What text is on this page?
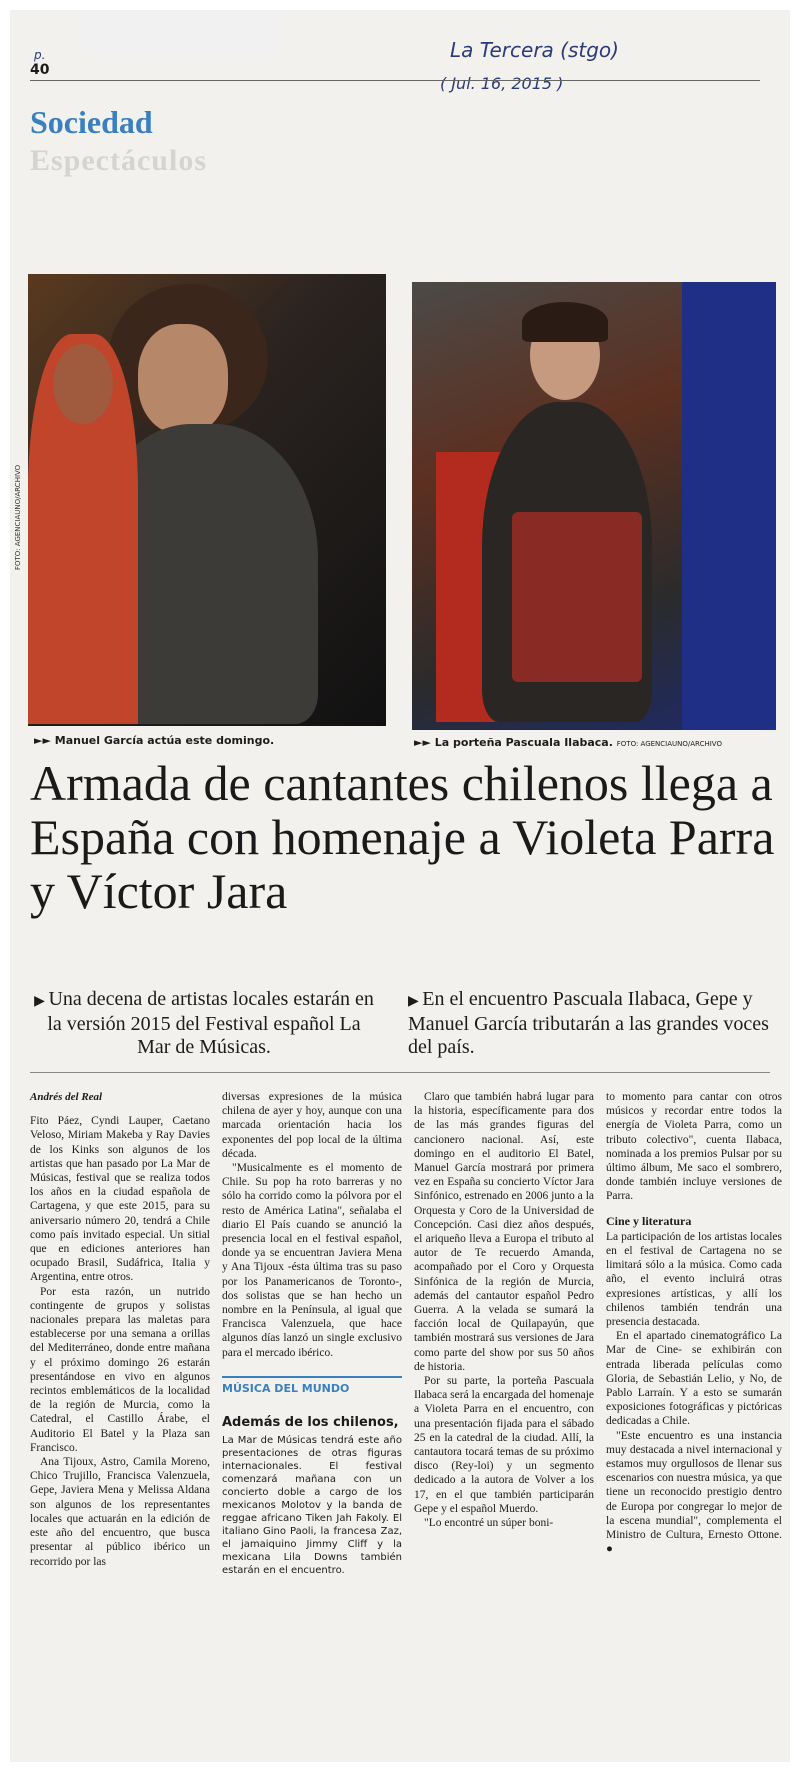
p.	La Tercera (stgo)
( Jul. 16, 2015 )
40
Sociedad
Espectáculos
FOTO: AGENCIAUNO/ARCHIVO
►► Manuel García actúa este domingo.	►► La porteña Pascuala Ilabaca. FOTO: AGENCIAUNO/ARCHIVO
Armada de cantantes chilenos llega a España con homenaje a Violeta Parra y Víctor Jara
▶ Una decena de artistas locales estarán en la versión 2015 del Festival español La Mar de Músicas.
▶ En el encuentro Pascuala Ilabaca, Gepe y Manuel García tributarán a las grandes voces del país.
Andrés del Real

Fito Páez, Cyndi Lauper, Caetano Veloso, Miriam Makeba y Ray Davies de los Kinks son algunos de los artistas que han pasado por La Mar de Músicas, festival que se realiza todos los años en la ciudad española de Cartagena, y que este 2015, para su aniversario número 20, tendrá a Chile como país invitado especial. Un sitial que en ediciones anteriores han ocupado Brasil, Sudáfrica, Italia y Argentina, entre otros.

Por esta razón, un nutrido contingente de grupos y solistas nacionales prepara las maletas para establecerse por una semana a orillas del Mediterráneo, donde entre mañana y el próximo domingo 26 estarán presentándose en vivo en algunos recintos emblemáticos de la localidad de la región de Murcia, como la Catedral, el Castillo Árabe, el Auditorio El Batel y la Plaza san Francisco.

Ana Tijoux, Astro, Camila Moreno, Chico Trujillo, Francisca Valenzuela, Gepe, Javiera Mena y Melissa Aldana son algunos de los representantes locales que actuarán en la edición de este año del encuentro, que busca presentar al público ibérico un recorrido por las

diversas expresiones de la música chilena de ayer y hoy, aunque con una marcada orientación hacia los exponentes del pop local de la última década.

"Musicalmente es el momento de Chile. Su pop ha roto barreras y no sólo ha corrido como la pólvora por el resto de América Latina", señalaba el diario El País cuando se anunció la presencia local en el festival español, donde ya se encuentran Javiera Mena y Ana Tijoux -ésta última tras su paso por los Panamericanos de Toronto-, dos solistas que se han hecho un nombre en la Península, al igual que Francisca Valenzuela, que hace algunos días lanzó un single exclusivo para el mercado ibérico.

MÚSICA DEL MUNDO
Además de los chilenos,
La Mar de Músicas tendrá este año presentaciones de otras figuras internacionales. El festival comenzará mañana con un concierto doble a cargo de los mexicanos Molotov y la banda de reggae africano Tiken Jah Fakoly. El italiano Gino Paoli, la francesa Zaz, el jamaiquino Jimmy Cliff y la mexicana Lila Downs también estarán en el encuentro.

Claro que también habrá lugar para la historia, específicamente para dos de las más grandes figuras del cancionero nacional. Así, este domingo en el auditorio El Batel, Manuel García mostrará por primera vez en España su concierto Víctor Jara Sinfónico, estrenado en 2006 junto a la Orquesta y Coro de la Universidad de Concepción. Casi diez años después, el ariqueño lleva a Europa el tributo al autor de Te recuerdo Amanda, acompañado por el Coro y Orquesta Sinfónica de la región de Murcia, además del cantautor español Pedro Guerra. A la velada se sumará la facción local de Quilapayún, que también mostrará sus versiones de Jara como parte del show por sus 50 años de historia.

Por su parte, la porteña Pascuala Ilabaca será la encargada del homenaje a Violeta Parra en el encuentro, con una presentación fijada para el sábado 25 en la catedral de la ciudad. Allí, la cantautora tocará temas de su próximo disco (Rey-loi) y un segmento dedicado a la autora de Volver a los 17, en el que también participarán Gepe y el español Muerdo.

"Lo encontré un súper boni-

to momento para cantar con otros músicos y recordar entre todos la energía de Violeta Parra, como un tributo colectivo", cuenta Ilabaca, nominada a los premios Pulsar por su último álbum, Me saco el sombrero, donde también incluye versiones de Parra.

Cine y literatura

La participación de los artistas locales en el festival de Cartagena no se limitará sólo a la música. Como cada año, el evento incluirá otras expresiones artísticas, y allí los chilenos también tendrán una presencia destacada.

En el apartado cinematográfico La Mar de Cine- se exhibirán con entrada liberada películas como Gloria, de Sebastián Lelio, y No, de Pablo Larraín. Y a esto se sumarán exposiciones fotográficas y pictóricas dedicadas a Chile.

"Este encuentro es una instancia muy destacada a nivel internacional y estamos muy orgullosos de llenar sus escenarios con nuestra música, ya que tiene un reconocido prestigio dentro de Europa por congregar lo mejor de la escena mundial", complementa el Ministro de Cultura, Ernesto Ottone. ●
